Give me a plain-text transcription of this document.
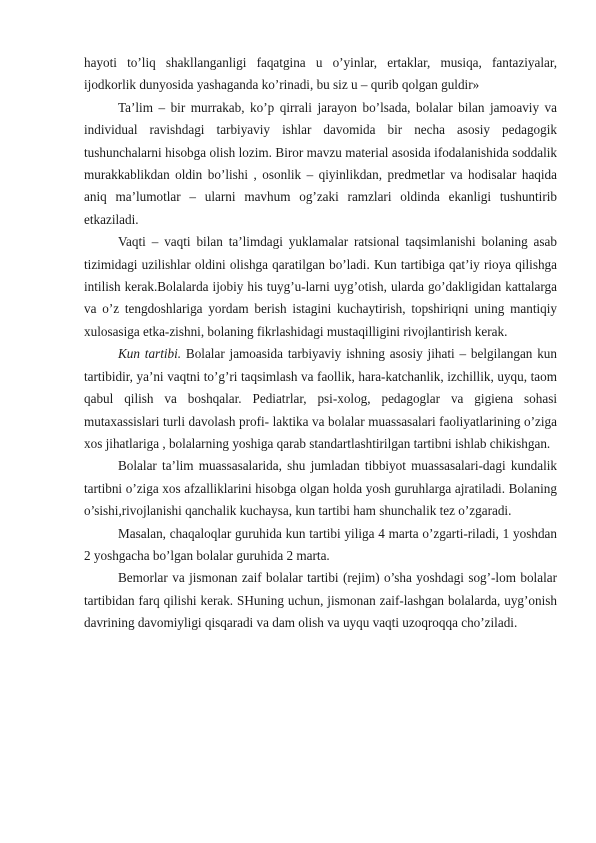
hayoti to’liq shakllanganligi faqatgina u o’yinlar, ertaklar, musiqa, fantaziyalar, ijodkorlik dunyosida yashaganda ko’rinadi, bu siz u – qurib qolgan guldir»

Ta’lim – bir murrakab, ko’p qirrali jarayon bo’lsada, bolalar bilan jamoaviy va individual ravishdagi tarbiyaviy ishlar davomida bir necha asosiy pedagogik tushunchalarni hisobga olish lozim. Biror mavzu material asosida ifodalanishida soddalik murakkablikdan oldin bo’lishi , osonlik – qiyinlikdan, predmetlar va hodisalar haqida aniq ma’lumotlar – ularni mavhum og’zaki ramzlari oldinda ekanligi tushuntirib etkaziladi.

Vaqti – vaqti bilan ta’limdagi yuklamalar ratsional taqsimlanishi bolaning asab tizimidagi uzilishlar oldini olishga qaratilgan bo’ladi. Kun tartibiga qat’iy rioya qilishga intilish kerak.Bolalarda ijobiy his tuyg’u-larni uyg’otish, ularda go’dakligidan kattalarga va o’z tengdoshlariga yordam berish istagini kuchaytirish, topshiriqni uning mantiqiy xulosasiga etka-zishni, bolaning fikrlashidagi mustaqilligini rivojlantirish kerak.

Kun tartibi. Bolalar jamoasida tarbiyaviy ishning asosiy jihati – belgilangan kun tartibidir, ya’ni vaqtni to’g’ri taqsimlash va faollik, hara-katchanlik, izchillik, uyqu, taom qabul qilish va boshqalar. Pediatrlar, psi-xolog, pedagoglar va gigiena sohasi mutaxassislari turli davolash profi- laktika va bolalar muassasalari faoliyatlarining o’ziga xos jihatlariga , bolalarning yoshiga qarab standartlashtirilgan tartibni ishlab chikishgan.

Bolalar ta’lim muassasalarida, shu jumladan tibbiyot muassasalari-dagi kundalik tartibni o’ziga xos afzalliklarini hisobga olgan holda yosh guruhlarga ajratiladi. Bolaning o’sishi,rivojlanishi qanchalik kuchaysa, kun tartibi ham shunchalik tez o’zgaradi.

Masalan, chaqaloqlar guruhida kun tartibi yiliga 4 marta o’zgarti-riladi, 1 yoshdan 2 yoshgacha bo’lgan bolalar guruhida 2 marta.

Bemorlar va jismonan zaif bolalar tartibi (rejim) o’sha yoshdagi sog’-lom bolalar tartibidan farq qilishi kerak. SHuning uchun, jismonan zaif-lashgan bolalarda, uyg’onish davrining davomiyligi qisqaradi va dam olish va uyqu vaqti uzoqroqqa cho’ziladi.
